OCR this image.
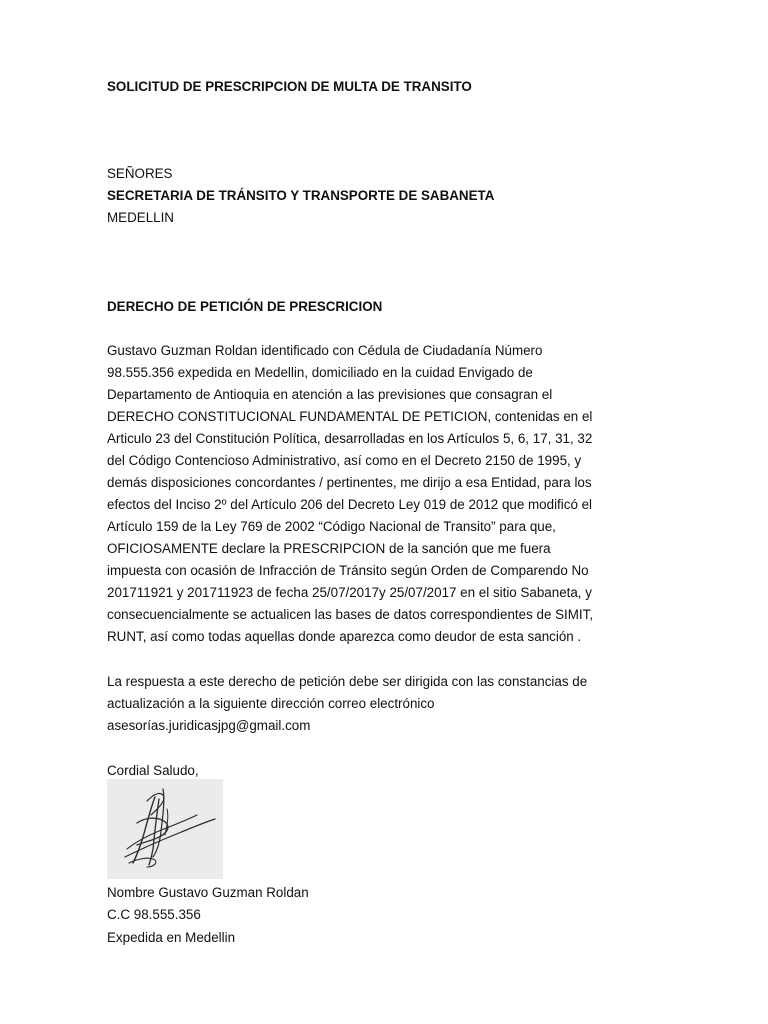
SOLICITUD DE PRESCRIPCION DE MULTA DE TRANSITO
SEÑORES
SECRETARIA DE TRÁNSITO Y TRANSPORTE DE SABANETA
MEDELLIN
DERECHO DE PETICIÓN DE PRESCRICION
Gustavo Guzman Roldan identificado con Cédula de Ciudadanía Número
98.555.356 expedida en Medellin, domiciliado en la cuidad Envigado de
Departamento de Antioquia en atención a las previsiones que consagran el
DERECHO CONSTITUCIONAL FUNDAMENTAL DE PETICION, contenidas en el
Articulo 23 del Constitución Política, desarrolladas en los Artículos 5, 6, 17, 31, 32
del Código Contencioso Administrativo, así como en el Decreto 2150 de 1995, y
demás disposiciones concordantes / pertinentes, me dirijo a esa Entidad, para los
efectos del Inciso 2º del Artículo 206 del Decreto Ley 019 de 2012 que modificó el
Artículo 159 de la Ley 769 de 2002 “Código Nacional de Transito” para que,
OFICIOSAMENTE declare la PRESCRIPCION de la sanción que me fuera
impuesta con ocasión de Infracción de Tránsito según Orden de Comparendo No
201711921 y 201711923 de fecha 25/07/2017y 25/07/2017 en el sitio Sabaneta, y
consecuencialmente se actualicen las bases de datos correspondientes de SIMIT,
RUNT, así como todas aquellas donde aparezca como deudor de esta sanción .
La respuesta a este derecho de petición debe ser dirigida con las constancias de
actualización a la siguiente dirección correo electrónico
asesorías.juridicasjpg@gmail.com
Cordial Saludo,
Nombre Gustavo Guzman Roldan
C.C 98.555.356
Expedida en Medellin
